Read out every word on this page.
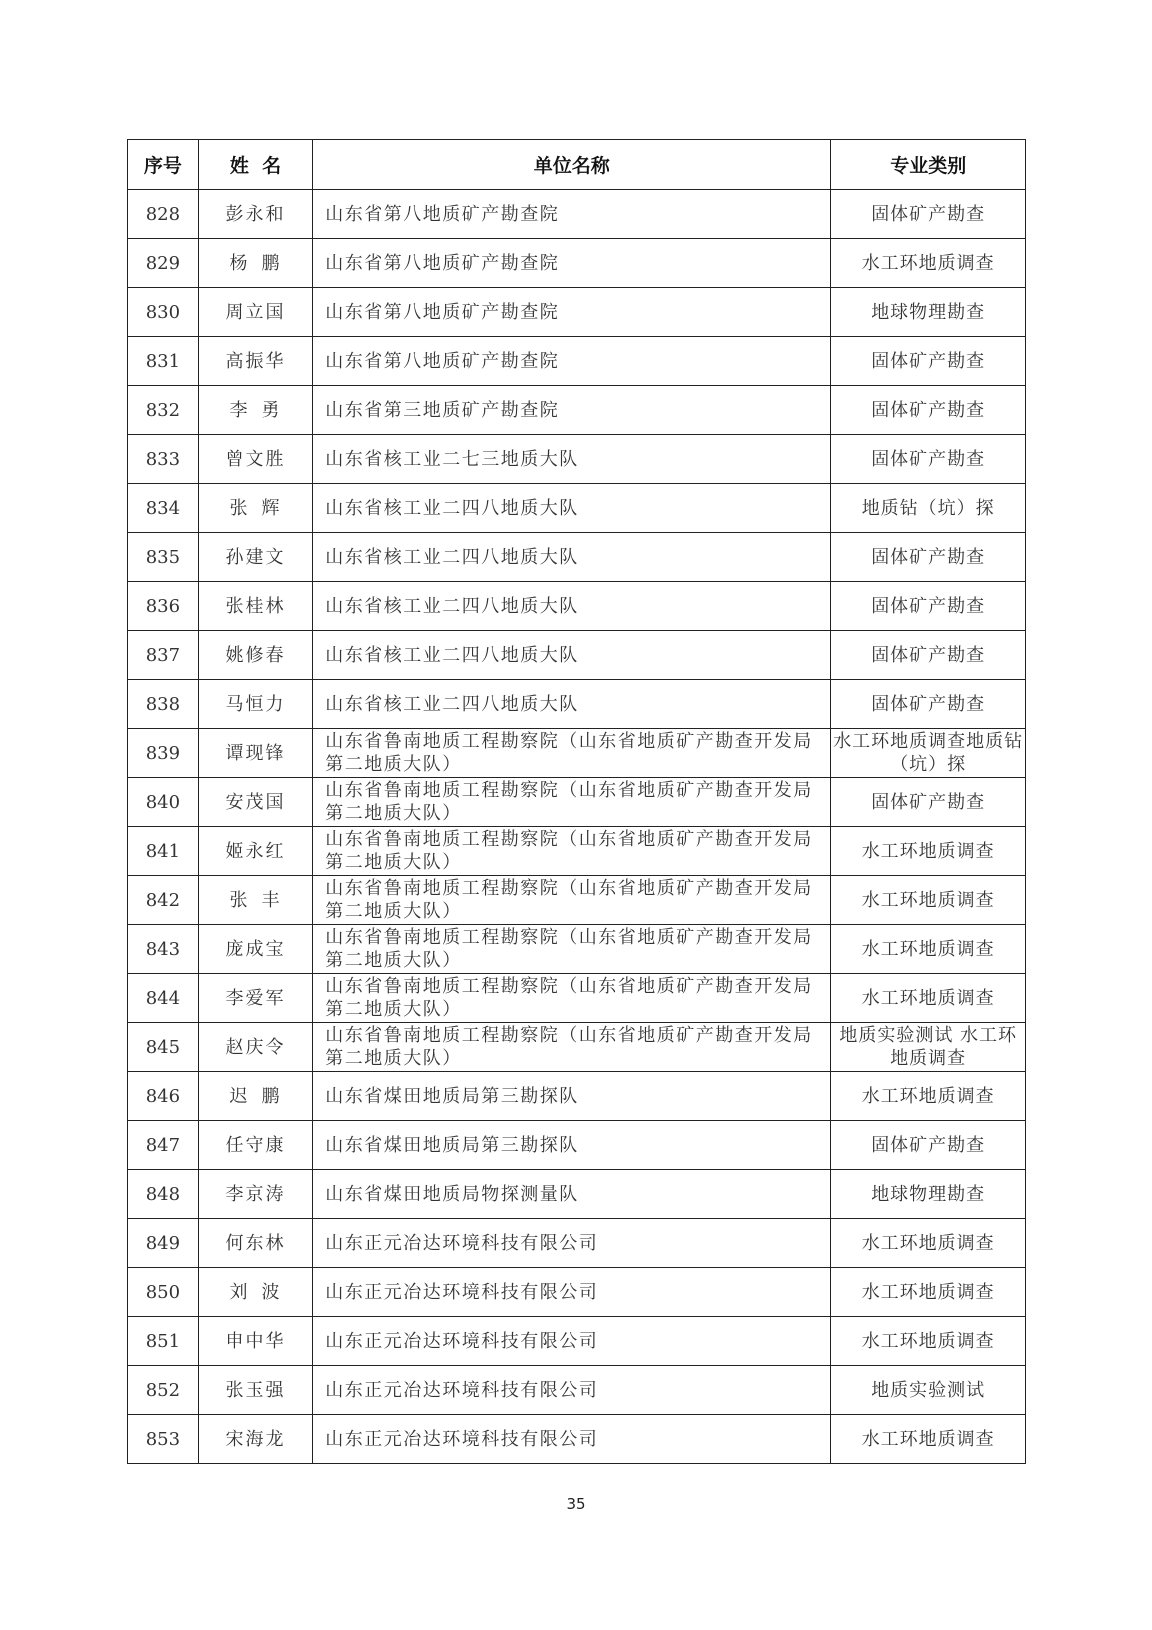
序号	姓  名	单位名称	专业类别
828	彭永和	山东省第八地质矿产勘查院	固体矿产勘查
829	杨 鹏	山东省第八地质矿产勘查院	水工环地质调查
830	周立国	山东省第八地质矿产勘查院	地球物理勘查
831	高振华	山东省第八地质矿产勘查院	固体矿产勘查
832	李 勇	山东省第三地质矿产勘查院	固体矿产勘查
833	曾文胜	山东省核工业二七三地质大队	固体矿产勘查
834	张 辉	山东省核工业二四八地质大队	地质钻（坑）探
835	孙建文	山东省核工业二四八地质大队	固体矿产勘查
836	张桂林	山东省核工业二四八地质大队	固体矿产勘查
837	姚修春	山东省核工业二四八地质大队	固体矿产勘查
838	马恒力	山东省核工业二四八地质大队	固体矿产勘查
839	谭现锋	山东省鲁南地质工程勘察院（山东省地质矿产勘查开发局第二地质大队）	水工环地质调查地质钻（坑）探
840	安茂国	山东省鲁南地质工程勘察院（山东省地质矿产勘查开发局第二地质大队）	固体矿产勘查
841	姬永红	山东省鲁南地质工程勘察院（山东省地质矿产勘查开发局第二地质大队）	水工环地质调查
842	张 丰	山东省鲁南地质工程勘察院（山东省地质矿产勘查开发局第二地质大队）	水工环地质调查
843	庞成宝	山东省鲁南地质工程勘察院（山东省地质矿产勘查开发局第二地质大队）	水工环地质调查
844	李爱军	山东省鲁南地质工程勘察院（山东省地质矿产勘查开发局第二地质大队）	水工环地质调查
845	赵庆令	山东省鲁南地质工程勘察院（山东省地质矿产勘查开发局第二地质大队）	地质实验测试 水工环地质调查
846	迟 鹏	山东省煤田地质局第三勘探队	水工环地质调查
847	任守康	山东省煤田地质局第三勘探队	固体矿产勘查
848	李京涛	山东省煤田地质局物探测量队	地球物理勘查
849	何东林	山东正元冶达环境科技有限公司	水工环地质调查
850	刘 波	山东正元冶达环境科技有限公司	水工环地质调查
851	申中华	山东正元冶达环境科技有限公司	水工环地质调查
852	张玉强	山东正元冶达环境科技有限公司	地质实验测试
853	宋海龙	山东正元冶达环境科技有限公司	水工环地质调查
35
